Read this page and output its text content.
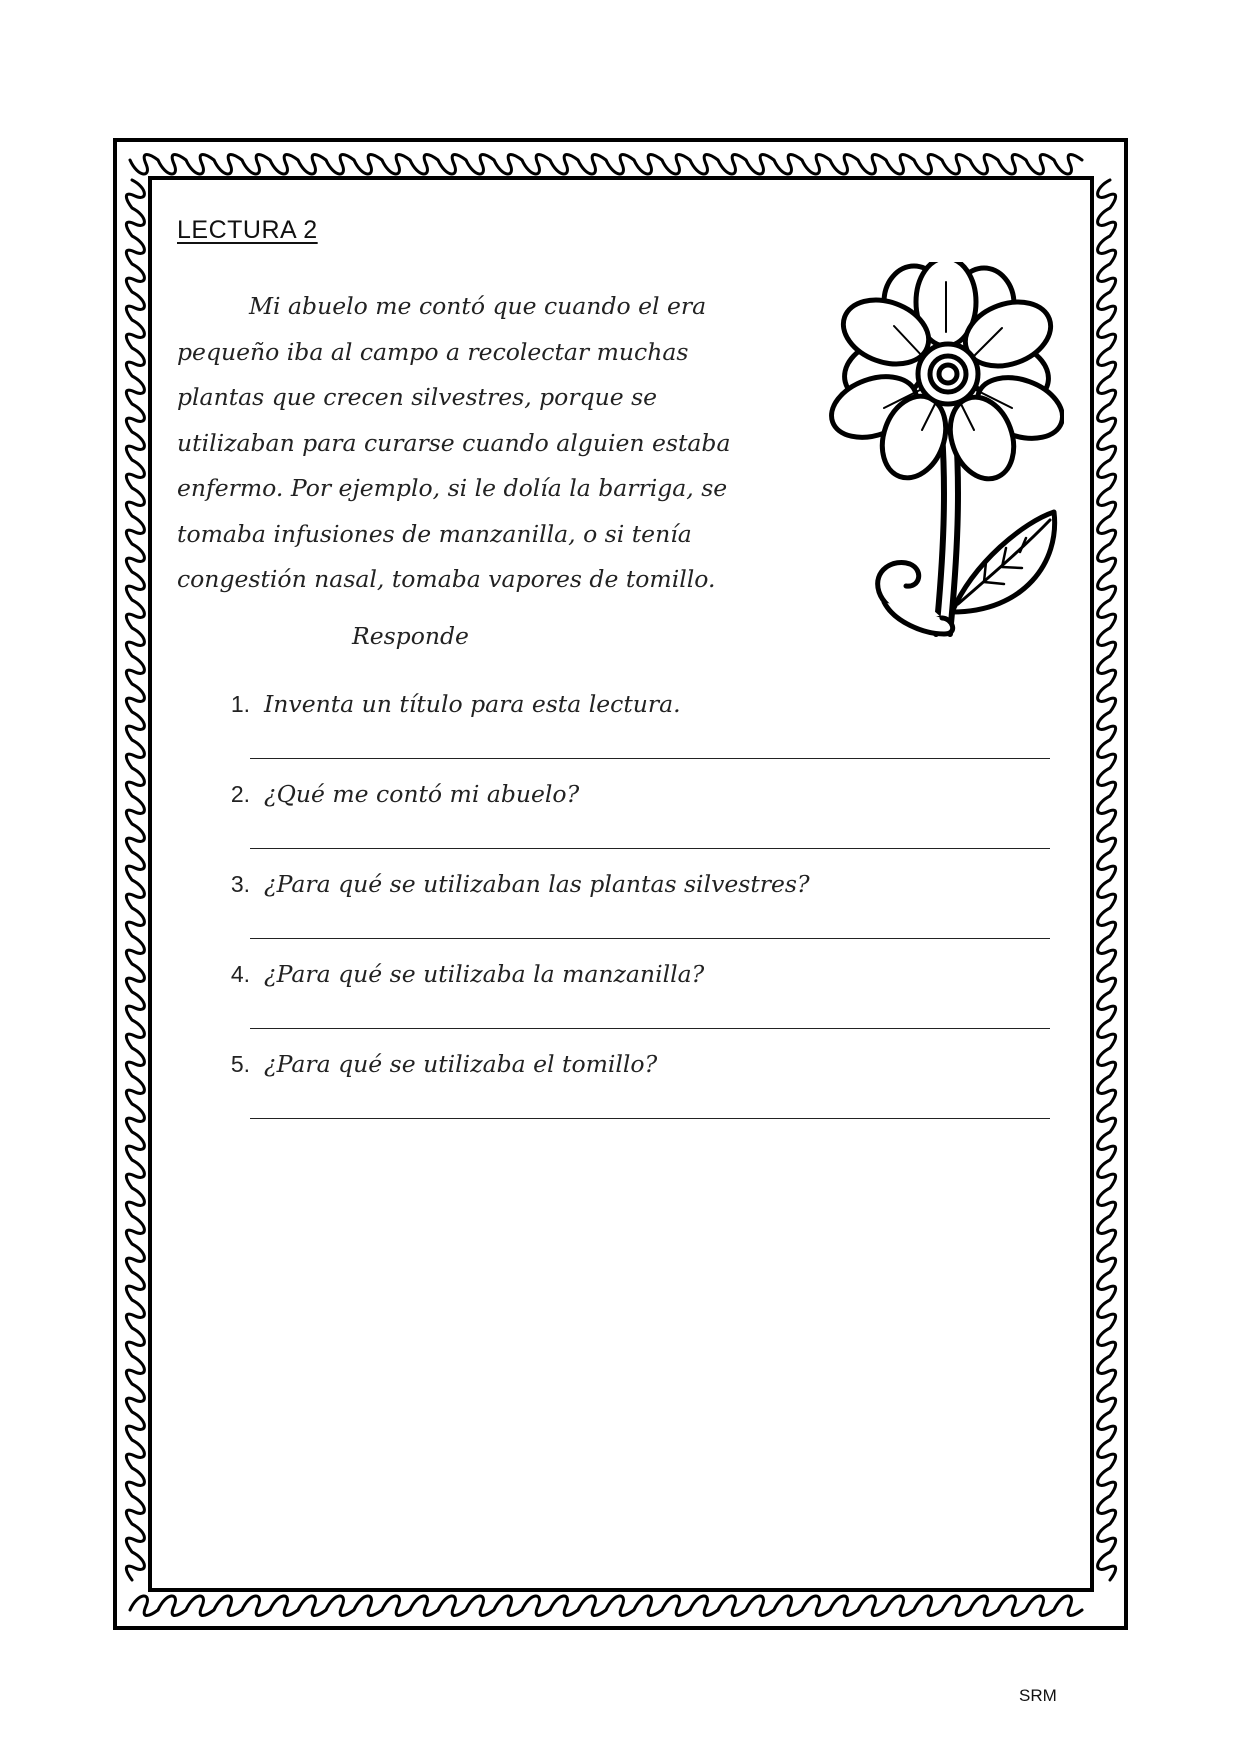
LECTURA 2

Mi abuelo me contó que cuando el era
pequeño iba al campo a recolectar muchas
plantas que crecen silvestres, porque se
utilizaban para curarse cuando alguien estaba
enfermo. Por ejemplo, si le dolía la barriga, se
tomaba infusiones de manzanilla, o si tenía
congestión nasal, tomaba vapores de tomillo.

Responde
1. Inventa un título para esta lectura.
2. ¿Qué me contó mi abuelo?
3. ¿Para qué se utilizaban las plantas silvestres?
4. ¿Para qué se utilizaba la manzanilla?
5. ¿Para qué se utilizaba el tomillo?
SRM
